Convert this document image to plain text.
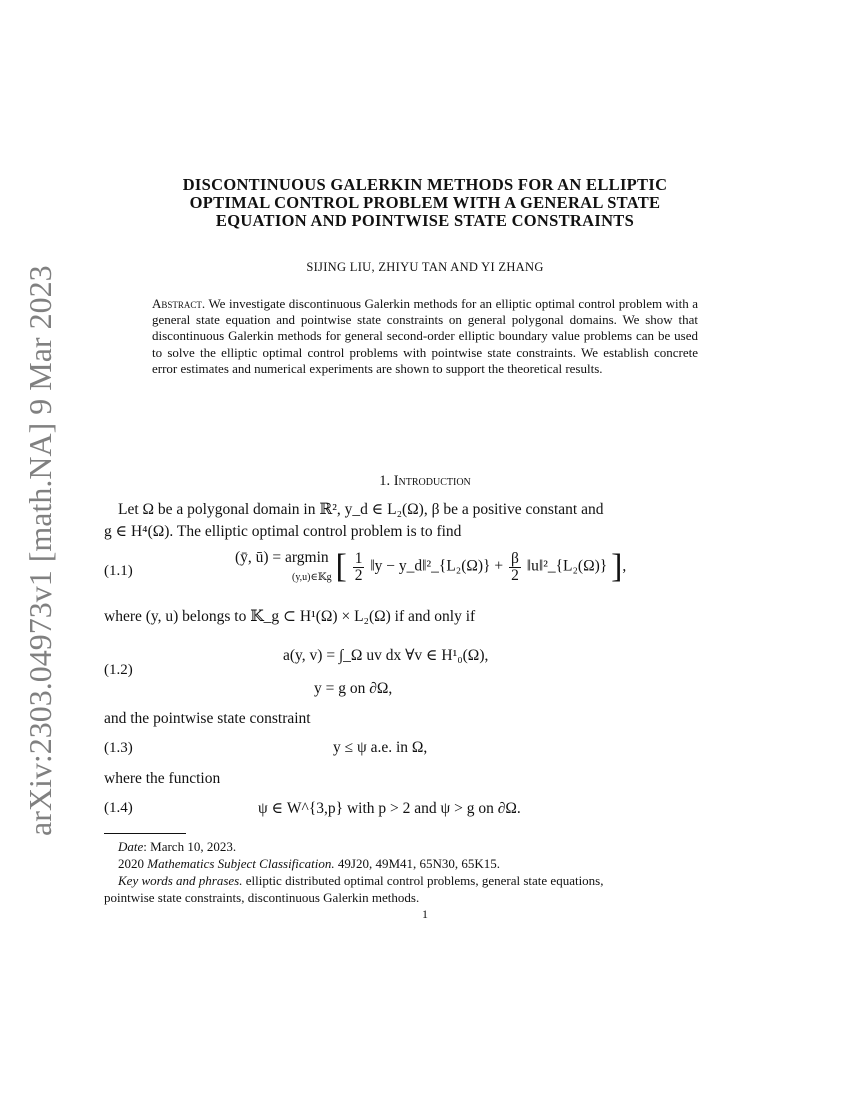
arXiv:2303.04973v1 [math.NA] 9 Mar 2023
DISCONTINUOUS GALERKIN METHODS FOR AN ELLIPTIC
OPTIMAL CONTROL PROBLEM WITH A GENERAL STATE
EQUATION AND POINTWISE STATE CONSTRAINTS
SIJING LIU, ZHIYU TAN AND YI ZHANG
Abstract. We investigate discontinuous Galerkin methods for an elliptic optimal control problem with a general state equation and pointwise state constraints on general polygonal domains. We show that discontinuous Galerkin methods for general second-order elliptic boundary value problems can be used to solve the elliptic optimal control problems with pointwise state constraints. We establish concrete error estimates and numerical experiments are shown to support the theoretical results.
1. Introduction
Let Ω be a polygonal domain in ℝ², y_d ∈ L₂(Ω), β be a positive constant and
g ∈ H⁴(Ω). The elliptic optimal control problem is to find
(1.1)
(ȳ, ū) = argmin
(y,u)∈𝕂g [ $\frac{1}{2}$ ‖y − y_d‖²_{L₂(Ω)} + $\frac{\beta}{2}$ ‖u‖²_{L₂(Ω)} ],
where (y, u) belongs to 𝕂_g ⊂ H¹(Ω) × L₂(Ω) if and only if
(1.2)
a(y, v) = ∫_Ω uv dx ∀v ∈ H¹₀(Ω),
y = g on ∂Ω,
and the pointwise state constraint
(1.3)	y ≤ ψ a.e. in Ω,
where the function
(1.4)	ψ ∈ W^{3,p} with p > 2 and ψ > g on ∂Ω.
Date: March 10, 2023.
2020 Mathematics Subject Classification. 49J20, 49M41, 65N30, 65K15.
Key words and phrases. elliptic distributed optimal control problems, general state equations,
pointwise state constraints, discontinuous Galerkin methods.
1
